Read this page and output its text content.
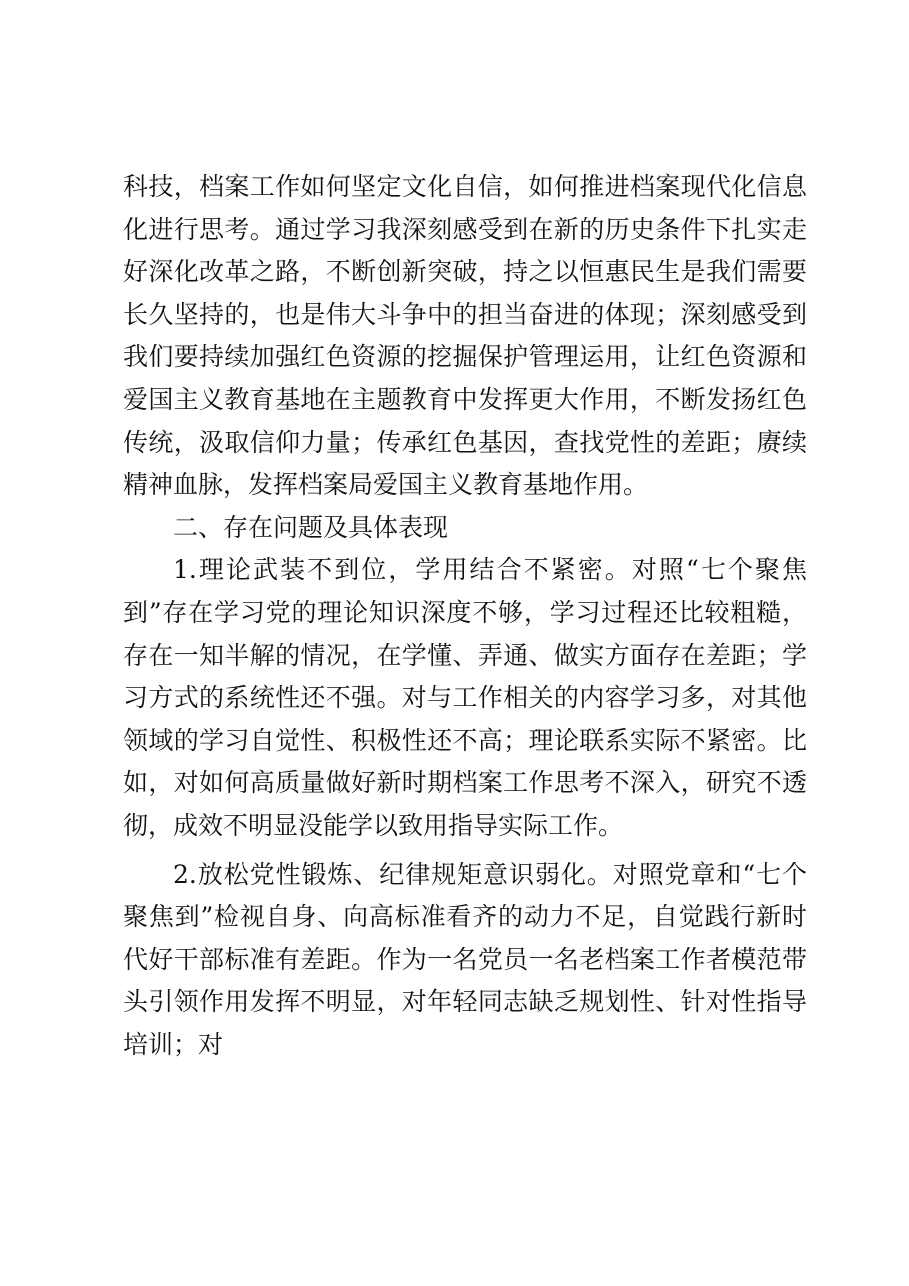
科技，档案工作如何坚定文化自信，如何推进档案现代化信息化进行思考。通过学习我深刻感受到在新的历史条件下扎实走好深化改革之路，不断创新突破，持之以恒惠民生是我们需要长久坚持的，也是伟大斗争中的担当奋进的体现；深刻感受到我们要持续加强红色资源的挖掘保护管理运用，让红色资源和爱国主义教育基地在主题教育中发挥更大作用，不断发扬红色传统，汲取信仰力量；传承红色基因，查找党性的差距；赓续精神血脉，发挥档案局爱国主义教育基地作用。

二、存在问题及具体表现

1.理论武装不到位，学用结合不紧密。对照“七个聚焦到”存在学习党的理论知识深度不够，学习过程还比较粗糙，存在一知半解的情况，在学懂、弄通、做实方面存在差距；学习方式的系统性还不强。对与工作相关的内容学习多，对其他领域的学习自觉性、积极性还不高；理论联系实际不紧密。比如，对如何高质量做好新时期档案工作思考不深入，研究不透彻，成效不明显没能学以致用指导实际工作。

2.放松党性锻炼、纪律规矩意识弱化。对照党章和“七个聚焦到”检视自身、向高标准看齐的动力不足，自觉践行新时代好干部标准有差距。作为一名党员一名老档案工作者模范带头引领作用发挥不明显，对年轻同志缺乏规划性、针对性指导培训；对
